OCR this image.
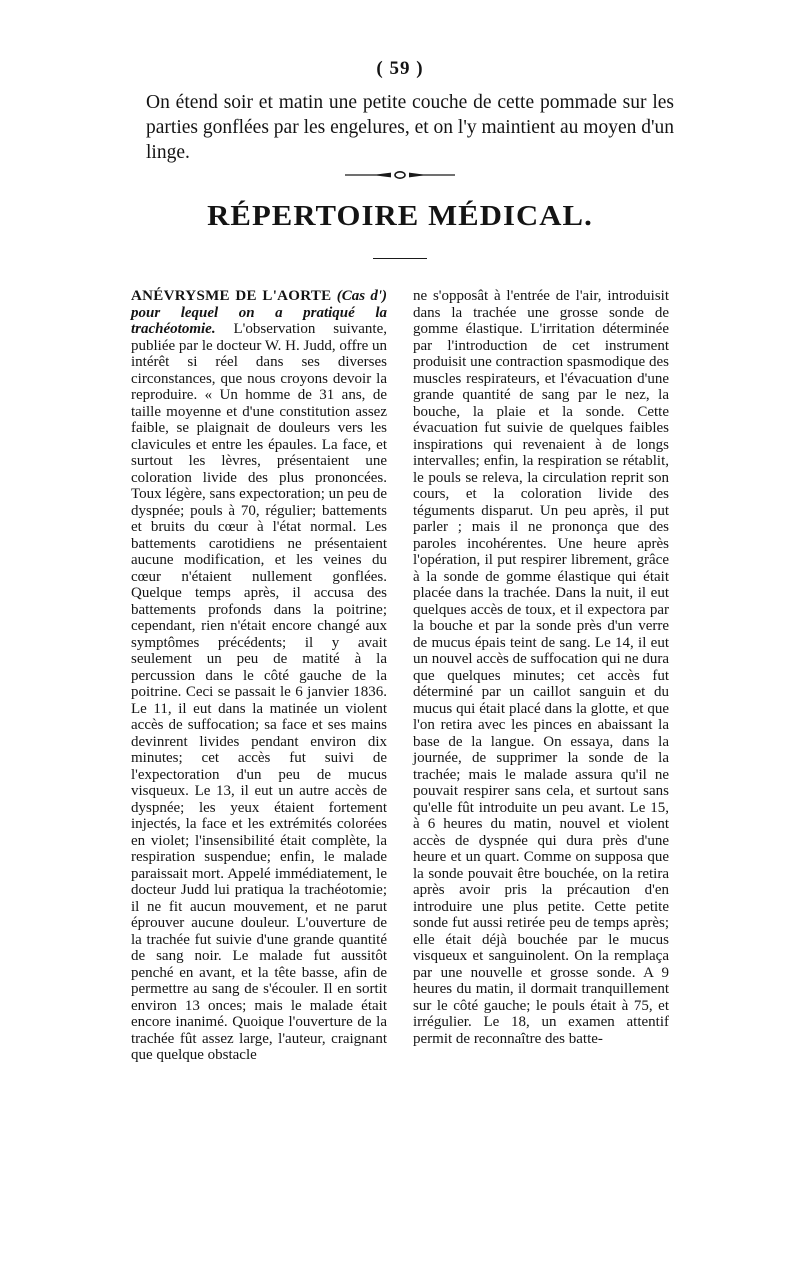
( 59 )

On étend soir et matin une petite couche de cette pommade sur les parties gonflées par les engelures, et on l'y maintient au moyen d'un linge.

RÉPERTOIRE MÉDICAL.

ANÉVRYSME DE L'AORTE (Cas d') pour lequel on a pratiqué la trachéotomie. L'observation suivante, publiée par le docteur W. H. Judd, offre un intérêt si réel dans ses diverses circonstances, que nous croyons devoir la reproduire. « Un homme de 31 ans, de taille moyenne et d'une constitution assez faible, se plaignait de douleurs vers les clavicules et entre les épaules. La face, et surtout les lèvres, présentaient une coloration livide des plus prononcées. Toux légère, sans expectoration; un peu de dyspnée; pouls à 70, régulier; battements et bruits du cœur à l'état normal. Les battements carotidiens ne présentaient aucune modification, et les veines du cœur n'étaient nullement gonflées. Quelque temps après, il accusa des battements profonds dans la poitrine; cependant, rien n'était encore changé aux symptômes précédents; il y avait seulement un peu de matité à la percussion dans le côté gauche de la poitrine. Ceci se passait le 6 janvier 1836. Le 11, il eut dans la matinée un violent accès de suffocation; sa face et ses mains devinrent livides pendant environ dix minutes; cet accès fut suivi de l'expectoration d'un peu de mucus visqueux. Le 13, il eut un autre accès de dyspnée; les yeux étaient fortement injectés, la face et les extrémités colorées en violet; l'insensibilité était complète, la respiration suspendue; enfin, le malade paraissait mort. Appelé immédiatement, le docteur Judd lui pratiqua la trachéotomie; il ne fit aucun mouvement, et ne parut éprouver aucune douleur. L'ouverture de la trachée fut suivie d'une grande quantité de sang noir. Le malade fut aussitôt penché en avant, et la tête basse, afin de permettre au sang de s'écouler. Il en sortit environ 13 onces; mais le malade était encore inanimé. Quoique l'ouverture de la trachée fût assez large, l'auteur, craignant que quelque obstacle

ne s'opposât à l'entrée de l'air, introduisit dans la trachée une grosse sonde de gomme élastique. L'irritation déterminée par l'introduction de cet instrument produisit une contraction spasmodique des muscles respirateurs, et l'évacuation d'une grande quantité de sang par le nez, la bouche, la plaie et la sonde. Cette évacuation fut suivie de quelques faibles inspirations qui revenaient à de longs intervalles; enfin, la respiration se rétablit, le pouls se releva, la circulation reprit son cours, et la coloration livide des téguments disparut. Un peu après, il put parler ; mais il ne prononça que des paroles incohérentes. Une heure après l'opération, il put respirer librement, grâce à la sonde de gomme élastique qui était placée dans la trachée. Dans la nuit, il eut quelques accès de toux, et il expectora par la bouche et par la sonde près d'un verre de mucus épais teint de sang. Le 14, il eut un nouvel accès de suffocation qui ne dura que quelques minutes; cet accès fut déterminé par un caillot sanguin et du mucus qui était placé dans la glotte, et que l'on retira avec les pinces en abaissant la base de la langue. On essaya, dans la journée, de supprimer la sonde de la trachée; mais le malade assura qu'il ne pouvait respirer sans cela, et surtout sans qu'elle fût introduite un peu avant. Le 15, à 6 heures du matin, nouvel et violent accès de dyspnée qui dura près d'une heure et un quart. Comme on supposa que la sonde pouvait être bouchée, on la retira après avoir pris la précaution d'en introduire une plus petite. Cette petite sonde fut aussi retirée peu de temps après; elle était déjà bouchée par le mucus visqueux et sanguinolent. On la remplaça par une nouvelle et grosse sonde. A 9 heures du matin, il dormait tranquillement sur le côté gauche; le pouls était à 75, et irrégulier. Le 18, un examen attentif permit de reconnaître des batte-
